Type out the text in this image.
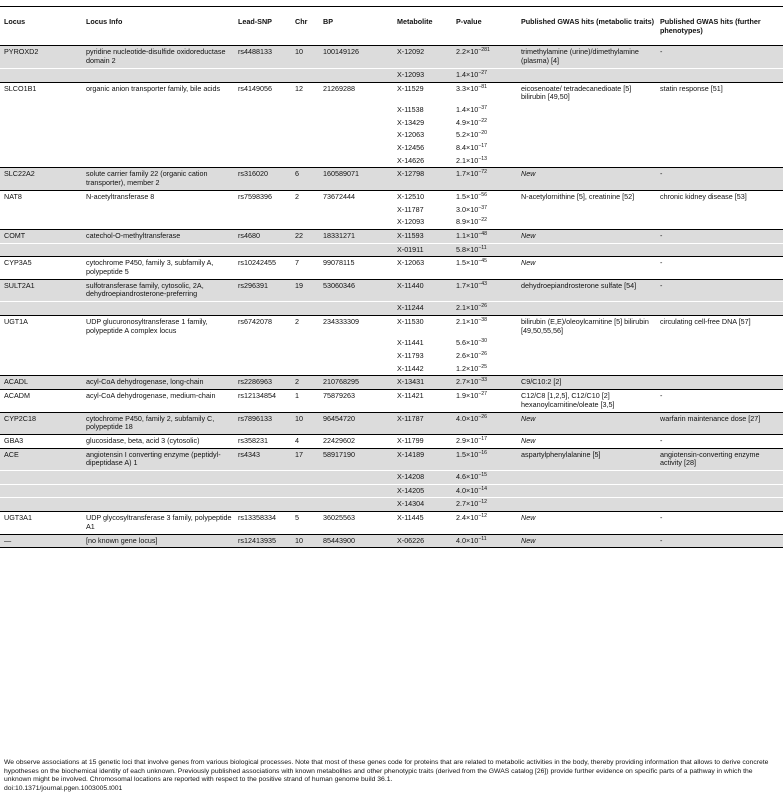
Locus	Locus Info	Lead-SNP	Chr	BP	Metabolite	P-value	Published GWAS hits (metabolic traits)	Published GWAS hits (further phenotypes)
PYROXD2	pyridine nucleotide-disulfide oxidoreductase domain 2	rs4488133	10	100149126	X-12092	$2.2\times 10^{-281}$	trimethylamine (urine)/dimethylamine (plasma) [4]	-
					X-12093	$1.4\times 10^{-27}$		
SLCO1B1	organic anion transporter family, bile acids	rs4149056	12	21269288	X-11529	$3.3\times 10^{-81}$	eicosenoate/ tetradecanedioate [5] bilirubin [49,50]	statin response [51]
					X-11538	$1.4\times 10^{-37}$		
					X-13429	$4.9\times 10^{-22}$		
					X-12063	$5.2\times 10^{-20}$		
					X-12456	$8.4\times 10^{-17}$		
					X-14626	$2.1\times 10^{-13}$		
SLC22A2	solute carrier family 22 (organic cation transporter), member 2	rs316020	6	160589071	X-12798	$1.7\times 10^{-72}$	New	-
NAT8	N-acetyltransferase 8	rs7598396	2	73672444	X-12510	$1.5\times 10^{-56}$	N-acetylornithine [5], creatinine [52]	chronic kidney disease [53]
					X-11787	$3.0\times 10^{-37}$		
					X-12093	$8.9\times 10^{-22}$		
COMT	catechol-O-methyltransferase	rs4680	22	18331271	X-11593	$1.1\times 10^{-48}$	New	-
					X-01911	$5.8\times 10^{-11}$		
CYP3A5	cytochrome P450, family 3, subfamily A, polypeptide 5	rs10242455	7	99078115	X-12063	$1.5\times 10^{-45}$	New	-
SULT2A1	sulfotransferase family, cytosolic, 2A, dehydroepiandrosterone-preferring	rs296391	19	53060346	X-11440	$1.7\times 10^{-43}$	dehydroepiandrosterone sulfate [54]	-
					X-11244	$2.1\times 10^{-26}$		
UGT1A	UDP glucuronosyltransferase 1 family, polypeptide A complex locus	rs6742078	2	234333309	X-11530	$2.1\times 10^{-38}$	bilirubin (E,E)/oleoylcarnitine [5] bilirubin [49,50,55,56]	circulating cell-free DNA [57]
					X-11441	$5.6\times 10^{-30}$		
					X-11793	$2.6\times 10^{-26}$		
					X-11442	$1.2\times 10^{-25}$		
ACADL	acyl-CoA dehydrogenase, long-chain	rs2286963	2	210768295	X-13431	$2.7\times 10^{-33}$	C9/C10:2 [2]	
ACADM	acyl-CoA dehydrogenase, medium-chain	rs12134854	1	75879263	X-11421	$1.9\times 10^{-27}$	C12/C8 [1,2,5], C12/C10 [2] hexanoylcarnitine/oleate [3,5]	-
CYP2C18	cytochrome P450, family 2, subfamily C, polypeptide 18	rs7896133	10	96454720	X-11787	$4.0\times 10^{-26}$	New	warfarin maintenance dose [27]
GBA3	glucosidase, beta, acid 3 (cytosolic)	rs358231	4	22429602	X-11799	$2.9\times 10^{-17}$	New	-
ACE	angiotensin I converting enzyme (peptidyl-dipeptidase A) 1	rs4343	17	58917190	X-14189	$1.5\times 10^{-16}$	aspartylphenylalanine [5]	angiotensin-converting enzyme activity [28]
					X-14208	$4.6\times 10^{-15}$		
					X-14205	$4.0\times 10^{-14}$		
					X-14304	$2.7\times 10^{-12}$		
UGT3A1	UDP glycosyltransferase 3 family, polypeptide A1	rs13358334	5	36025563	X-11445	$2.4\times 10^{-12}$	New	-
—	[no known gene locus]	rs12413935	10	85443900	X-06226	$4.0\times 10^{-11}$	New	-
We observe associations at 15 genetic loci that involve genes from various biological processes. Note that most of these genes code for proteins that are related to metabolic activities in the body, thereby providing information that allows to derive concrete hypotheses on the biochemical identity of each unknown. Previously published associations with known metabolites and other phenotypic traits (derived from the GWAS catalog [26]) provide further evidence on specific parts of a pathway in which the unknown might be involved. Chromosomal locations are reported with respect to the positive strand of human genome build 36.1.
doi:10.1371/journal.pgen.1003005.t001
